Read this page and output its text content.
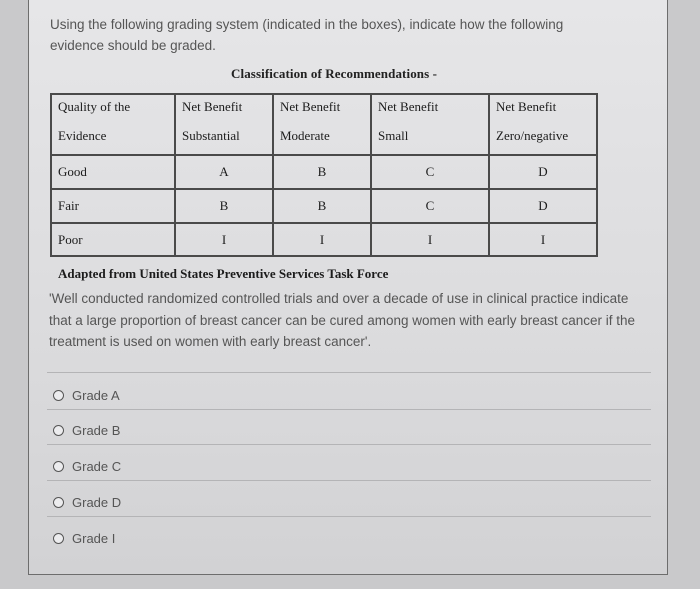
Using the following grading system (indicated in the boxes), indicate how the following evidence should be graded.
Classification of Recommendations -
Quality of the	Net Benefit	Net Benefit	Net Benefit	Net Benefit
Evidence	Substantial	Moderate	Small	Zero/negative
Good	A	B	C	D
Fair	B	B	C	D
Poor	I	I	I	I
Adapted from United States Preventive Services Task Force
'Well conducted randomized controlled trials and over a decade of use in clinical practice indicate that a large proportion of breast cancer can be cured among women with early breast cancer if the treatment is used on women with early breast cancer'.
Grade A
Grade B
Grade C
Grade D
Grade I
